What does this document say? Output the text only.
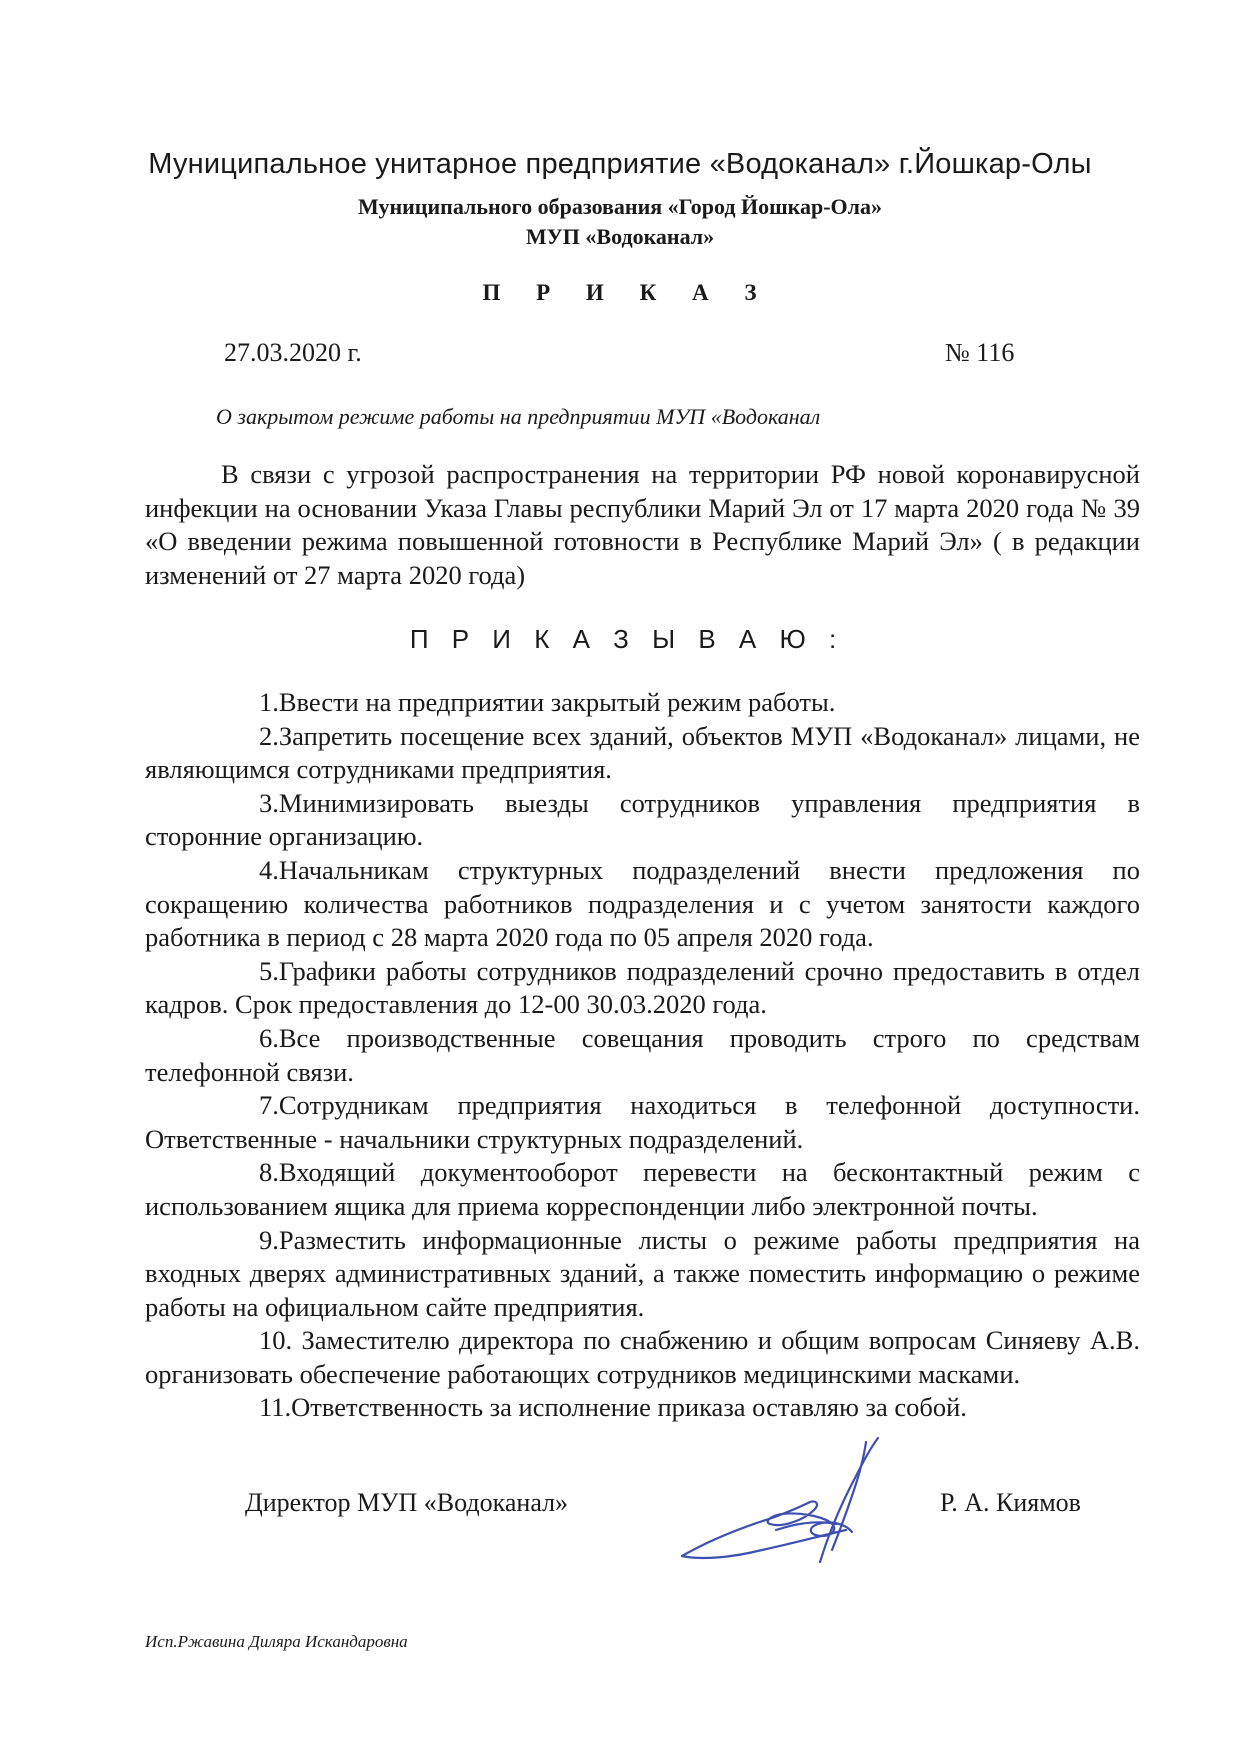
Муниципальное унитарное предприятие «Водоканал» г.Йошкар-Олы
Муниципального образования «Город Йошкар-Ола»
МУП «Водоканал»
П Р И К А З
27.03.2020 г.	№ 116
О закрытом режиме работы на предприятии МУП «Водоканал

В связи с угрозой распространения на территории РФ новой коронавирусной инфекции на основании Указа Главы республики Марий Эл от 17 марта 2020 года № 39 «О введении режима повышенной готовности в Республике Марий Эл» ( в редакции изменений от 27 марта 2020 года)

П Р И К А З Ы В А Ю :
1.Ввести на предприятии закрытый режим работы.
2.Запретить посещение всех зданий, объектов МУП «Водоканал» лицами, не являющимся сотрудниками предприятия.
3.Минимизировать выезды сотрудников управления предприятия в сторонние организацию.
4.Начальникам структурных подразделений внести предложения по сокращению количества работников подразделения и с учетом занятости каждого работника в период с 28 марта 2020 года по 05 апреля 2020 года.
5.Графики работы сотрудников подразделений срочно предоставить в отдел кадров. Срок предоставления до 12-00 30.03.2020 года.
6.Все производственные совещания проводить строго по средствам телефонной связи.
7.Сотрудникам предприятия находиться в телефонной доступности. Ответственные - начальники структурных подразделений.
8.Входящий документооборот перевести на бесконтактный режим с использованием ящика для приема корреспонденции либо электронной почты.
9.Разместить информационные листы о режиме работы предприятия на входных дверях административных зданий, а также поместить информацию о режиме работы на официальном сайте предприятия.
10. Заместителю директора по снабжению и общим вопросам Синяеву А.В. организовать обеспечение работающих сотрудников медицинскими масками.
11.Ответственность за исполнение приказа оставляю за собой.
Директор МУП «Водоканал»	Р. А. Киямов
Исп.Ржавина Диляра Искандаровна
